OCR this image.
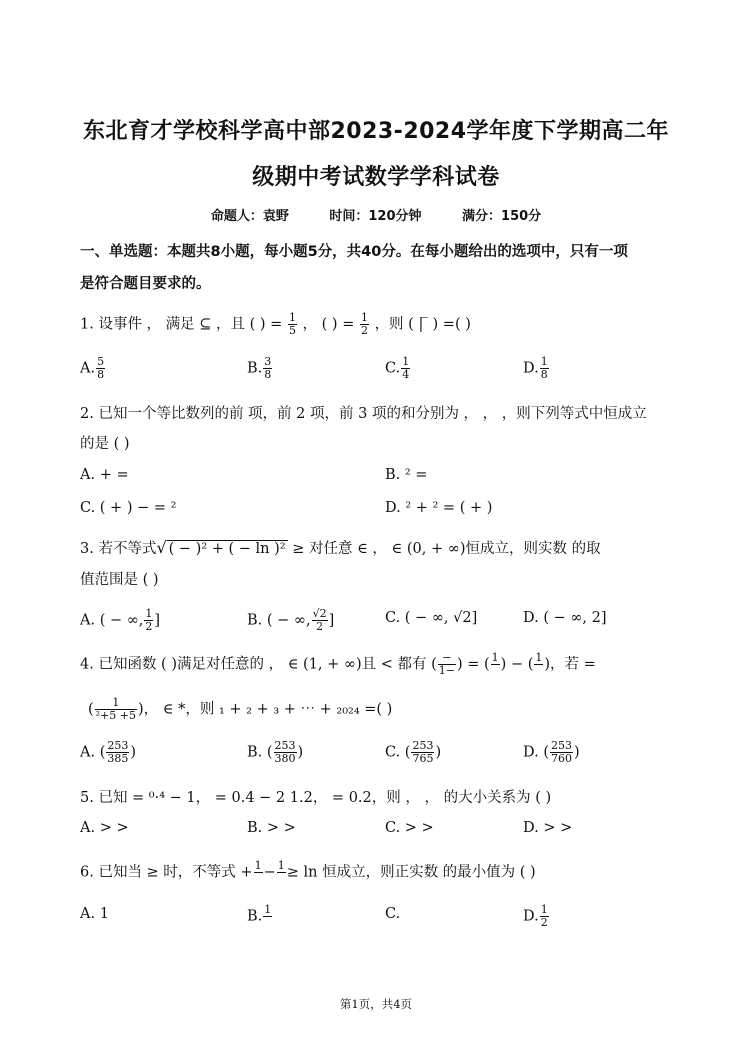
东北育才学校科学高中部2023-2024学年度下学期高二年
级期中考试数学学科试卷
命题人：袁野	时间：120分钟	满分：150分
一、单选题：本题共8小题，每小题5分，共40分。在每小题给出的选项中，只有一项
是符合题目要求的。
1. 设事件 ， 满足 ⊆ ，且 ( ) = $\frac{1}{5}$ ， ( ) = $\frac{1}{2}$ ，则 ( | ̅ ) =( )
A. $\frac{5}{8}$	B. $\frac{3}{8}$	C. $\frac{1}{4}$	D. $\frac{1}{8}$
2. 已知一个等比数列的前 项，前 2 项，前 3 项的和分别为 ， ， ，则下列等式中恒成立
的是 ( )
A. + =	B. ² =
C. ( + ) − = ²	D. ² + ² = ( + )
3. 若不等式√ ( − )² + ( − ln )² ≥ 对任意 ∈ ， ∈ (0, + ∞)恒成立，则实数 的取
值范围是 ( )
A. ( − ∞, $\frac{1}{2}$ ]	B. ( − ∞, $\frac{√2}{2}$ ]	C. ( − ∞, √2]	D. ( − ∞, 2]
4. 已知函数 ( )满足对任意的 ， ∈ (1, + ∞)且 < 都有 ( $\frac{-}{1-}$ ) = ( 1
) − ( 1
)，若 =
( $\frac{1}{\text{²+5 +5}}$ )， ∈ *，则 ₁ + ₂ + ₃ + ⋯ + ₂₀₂₄ =( )
A. ( $\frac{253}{385}$ )	B. ( $\frac{253}{380}$ )	C. ( $\frac{253}{765}$ )	D. ( $\frac{253}{760}$ )
5. 已知 = ⁰·⁴ − 1， = 0.4 − 2 1.2， = 0.2，则 ， ， 的大小关系为 ( )
A. > >	B. > >	C. > >	D. > >
6. 已知当 ≥ 时，不等式 + 1
− 1
≥ ln 恒成立，则正实数 的最小值为 ( )
A. 1	B. 1
	C.	D. $\frac{1}{2}$
第1页，共4页
